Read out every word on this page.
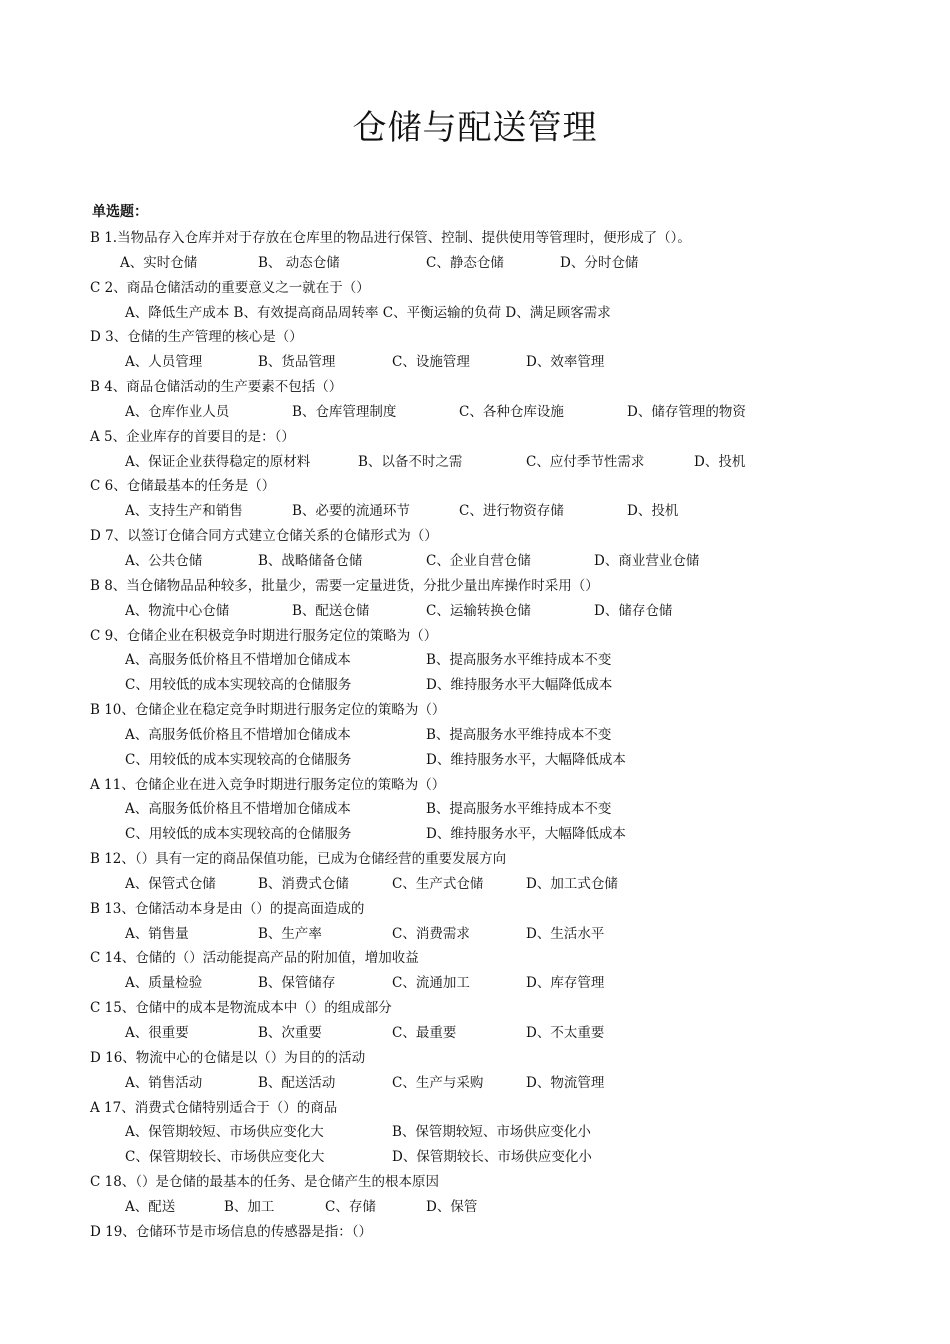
仓储与配送管理
单选题：
B 1.当物品存入仓库并对于存放在仓库里的物品进行保管、控制、提供使用等管理时，便形成了（）。
A、实时仓储	B、 动态仓储	C、静态仓储	D、分时仓储
C 2、商品仓储活动的重要意义之一就在于（）
A、降低生产成本 B、有效提高商品周转率 C、平衡运输的负荷 D、满足顾客需求
D 3、仓储的生产管理的核心是（）
A、人员管理	B、货品管理	C、设施管理	D、效率管理
B 4、商品仓储活动的生产要素不包括（）
A、仓库作业人员	B、仓库管理制度	C、各种仓库设施	D、储存管理的物资
A 5、企业库存的首要目的是：（）
A、保证企业获得稳定的原材料	B、以备不时之需	C、应付季节性需求	D、投机
C 6、仓储最基本的任务是（）
A、支持生产和销售	B、必要的流通环节	C、进行物资存储	D、投机
D 7、以签订仓储合同方式建立仓储关系的仓储形式为（）
A、公共仓储	B、战略储备仓储	C、企业自营仓储	D、商业营业仓储
B 8、当仓储物品品种较多，批量少，需要一定量进货，分批少量出库操作时采用（）
A、物流中心仓储	B、配送仓储	C、运输转换仓储	D、储存仓储
C 9、仓储企业在积极竞争时期进行服务定位的策略为（）
A、高服务低价格且不惜增加仓储成本	B、提高服务水平维持成本不变
C、用较低的成本实现较高的仓储服务	D、维持服务水平大幅降低成本
B 10、仓储企业在稳定竞争时期进行服务定位的策略为（）
A、高服务低价格且不惜增加仓储成本	B、提高服务水平维持成本不变
C、用较低的成本实现较高的仓储服务	D、维持服务水平，大幅降低成本
A 11、仓储企业在进入竞争时期进行服务定位的策略为（）
A、高服务低价格且不惜增加仓储成本	B、提高服务水平维持成本不变
C、用较低的成本实现较高的仓储服务	D、维持服务水平，大幅降低成本
B 12、（）具有一定的商品保值功能，已成为仓储经营的重要发展方向
A、保管式仓储	B、消费式仓储	C、生产式仓储	D、加工式仓储
B 13、仓储活动本身是由（）的提高面造成的
A、销售量	B、生产率	C、消费需求	D、生活水平
C 14、仓储的（）活动能提高产品的附加值，增加收益
A、质量检验	B、保管储存	C、流通加工	D、库存管理
C 15、仓储中的成本是物流成本中（）的组成部分
A、很重要	B、次重要	C、最重要	D、不太重要
D 16、物流中心的仓储是以（）为目的的活动
A、销售活动	B、配送活动	C、生产与采购	D、物流管理
A 17、消费式仓储特别适合于（）的商品
A、保管期较短、市场供应变化大	B、保管期较短、市场供应变化小
C、保管期较长、市场供应变化大	D、保管期较长、市场供应变化小
C 18、（）是仓储的最基本的任务、是仓储产生的根本原因
A、配送	B、加工	C、存储	D、保管
D 19、仓储环节是市场信息的传感器是指：（）
